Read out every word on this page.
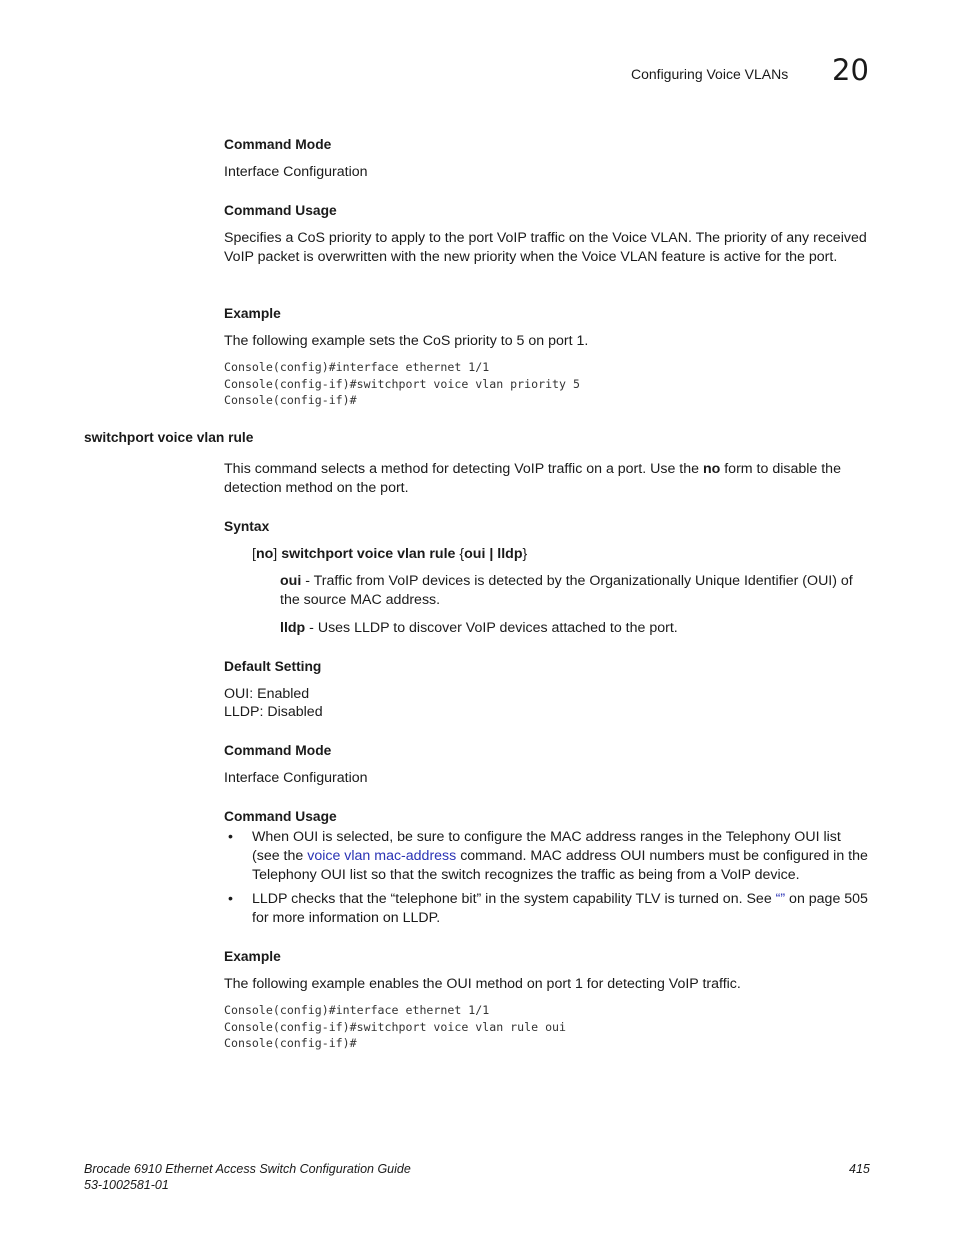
Configuring Voice VLANs 20
Command Mode
Interface Configuration
Command Usage
Specifies a CoS priority to apply to the port VoIP traffic on the Voice VLAN. The priority of any received VoIP packet is overwritten with the new priority when the Voice VLAN feature is active for the port.
Example
The following example sets the CoS priority to 5 on port 1.
Console(config)#interface ethernet 1/1
Console(config-if)#switchport voice vlan priority 5
Console(config-if)#
switchport voice vlan rule
This command selects a method for detecting VoIP traffic on a port. Use the no form to disable the detection method on the port.
Syntax
[no] switchport voice vlan rule {oui | lldp}
oui - Traffic from VoIP devices is detected by the Organizationally Unique Identifier (OUI) of the source MAC address.
lldp - Uses LLDP to discover VoIP devices attached to the port.
Default Setting
OUI: Enabled
LLDP: Disabled
Command Mode
Interface Configuration
Command Usage
• When OUI is selected, be sure to configure the MAC address ranges in the Telephony OUI list (see the voice vlan mac-address command. MAC address OUI numbers must be configured in the Telephony OUI list so that the switch recognizes the traffic as being from a VoIP device.
• LLDP checks that the “telephone bit” in the system capability TLV is turned on. See “” on page 505 for more information on LLDP.
Example
The following example enables the OUI method on port 1 for detecting VoIP traffic.
Console(config)#interface ethernet 1/1
Console(config-if)#switchport voice vlan rule oui
Console(config-if)#
Brocade 6910 Ethernet Access Switch Configuration Guide
53-1002581-01
415
